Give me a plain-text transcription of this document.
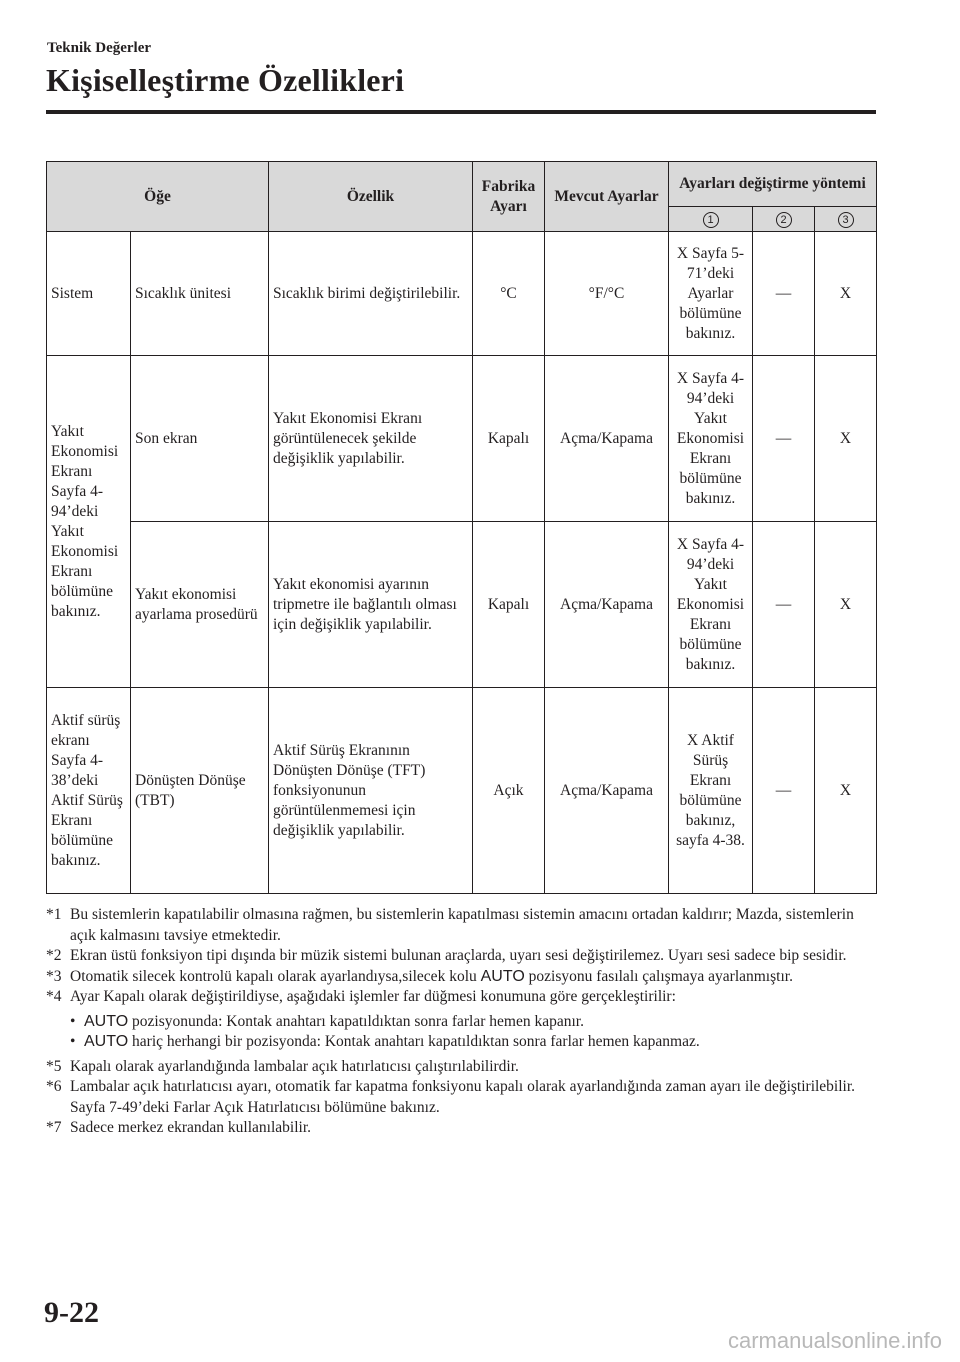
Teknik Değerler
Kişiselleştirme Özellikleri
Öğe		Özellik	Fabrika Ayarı	Mevcut Ayarlar	Ayarları değiştirme yöntemi		
					1	2	3
Sistem	Sıcaklık ünitesi	Sıcaklık birimi değiştirilebilir.	°C	°F/°C	X Sayfa 5-71’deki Ayarlar bölümüne bakınız.	—	X
Yakıt Ekonomisi Ekranı Sayfa 4-94’deki Yakıt Ekonomisi Ekranı bölümüne bakınız.	Son ekran	Yakıt Ekonomisi Ekranı görüntülenecek şekilde değişiklik yapılabilir.	Kapalı	Açma/Kapama	X Sayfa 4-94’deki Yakıt Ekonomisi Ekranı bölümüne bakınız.	—	X
	Yakıt ekonomisi ayarlama prosedürü	Yakıt ekonomisi ayarının tripmetre ile bağlantılı olması için değişiklik yapılabilir.	Kapalı	Açma/Kapama	X Sayfa 4-94’deki Yakıt Ekonomisi Ekranı bölümüne bakınız.	—	X
Aktif sürüş ekranı Sayfa 4-38’deki Aktif Sürüş Ekranı bölümüne bakınız.	Dönüşten Dönüşe (TBT)	Aktif Sürüş Ekranının Dönüşten Dönüşe (TFT) fonksiyonunun görüntülenmemesi için değişiklik yapılabilir.	Açık	Açma/Kapama	X Aktif Sürüş Ekranı bölümüne bakınız, sayfa 4-38.	—	X
*1 Bu sistemlerin kapatılabilir olmasına rağmen, bu sistemlerin kapatılması sistemin amacını ortadan kaldırır; Mazda, sistemlerin açık kalmasını tavsiye etmektedir.
*2 Ekran üstü fonksiyon tipi dışında bir müzik sistemi bulunan araçlarda, uyarı sesi değiştirilemez. Uyarı sesi sadece bip sesidir.
*3 Otomatik silecek kontrolü kapalı olarak ayarlandıysa,silecek kolu AUTO pozisyonu fasılalı çalışmaya ayarlanmıştır.
*4 Ayar Kapalı olarak değiştirildiyse, aşağıdaki işlemler far düğmesi konumuna göre gerçekleştirilir:
• AUTO pozisyonunda: Kontak anahtarı kapatıldıktan sonra farlar hemen kapanır.
• AUTO hariç herhangi bir pozisyonda: Kontak anahtarı kapatıldıktan sonra farlar hemen kapanmaz.
*5 Kapalı olarak ayarlandığında lambalar açık hatırlatıcısı çalıştırılabilirdir.
*6 Lambalar açık hatırlatıcısı ayarı, otomatik far kapatma fonksiyonu kapalı olarak ayarlandığında zaman ayarı ile değiştirilebilir. Sayfa 7-49’deki Farlar Açık Hatırlatıcısı bölümüne bakınız.
*7 Sadece merkez ekrandan kullanılabilir.
9-22
carmanualsonline.info
